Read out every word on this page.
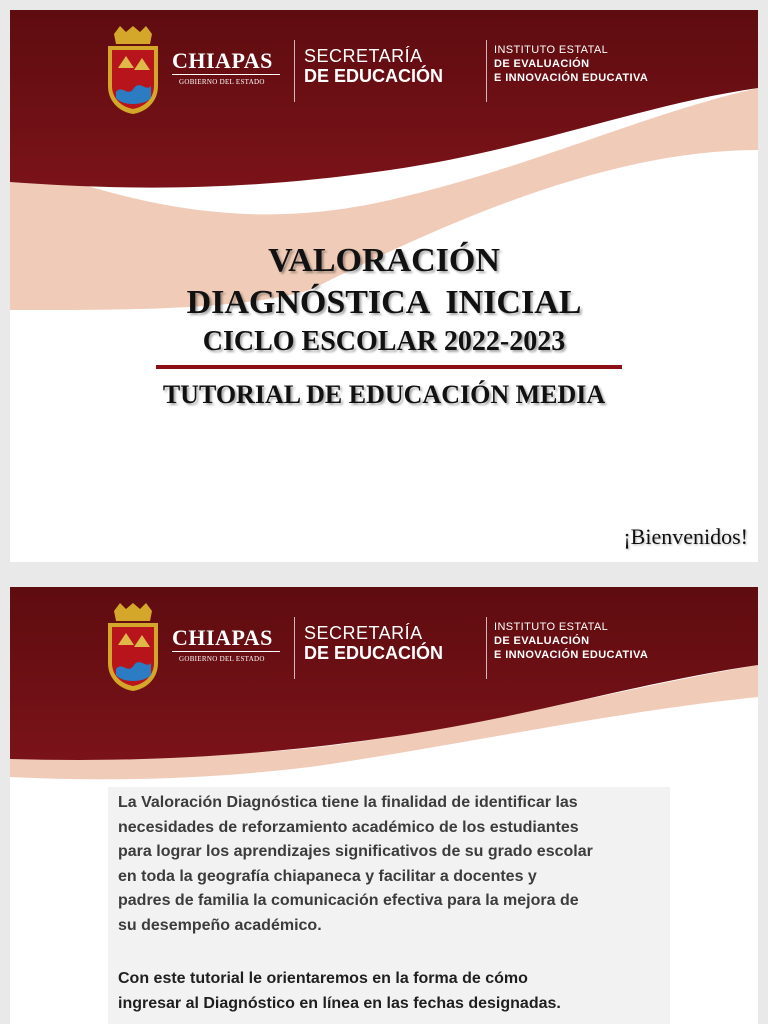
CHIAPAS
GOBIERNO DEL ESTADO
SECRETARÍA
DE EDUCACIÓN
INSTITUTO ESTATAL
DE EVALUACIÓN
E INNOVACIÓN EDUCATIVA
VALORACIÓN
DIAGNÓSTICA  INICIAL
CICLO ESCOLAR 2022-2023
TUTORIAL DE EDUCACIÓN MEDIA
¡Bienvenidos!
CHIAPAS
GOBIERNO DEL ESTADO
SECRETARÍA
DE EDUCACIÓN
INSTITUTO ESTATAL
DE EVALUACIÓN
E INNOVACIÓN EDUCATIVA

La Valoración Diagnóstica tiene la finalidad de identificar las
necesidades de reforzamiento académico de los estudiantes
para lograr los aprendizajes significativos de su grado escolar
en toda la geografía chiapaneca y facilitar a docentes y
padres de familia la comunicación efectiva para la mejora de
su desempeño académico.

Con este tutorial le orientaremos en la forma de cómo
ingresar al Diagnóstico en línea en las fechas designadas.
